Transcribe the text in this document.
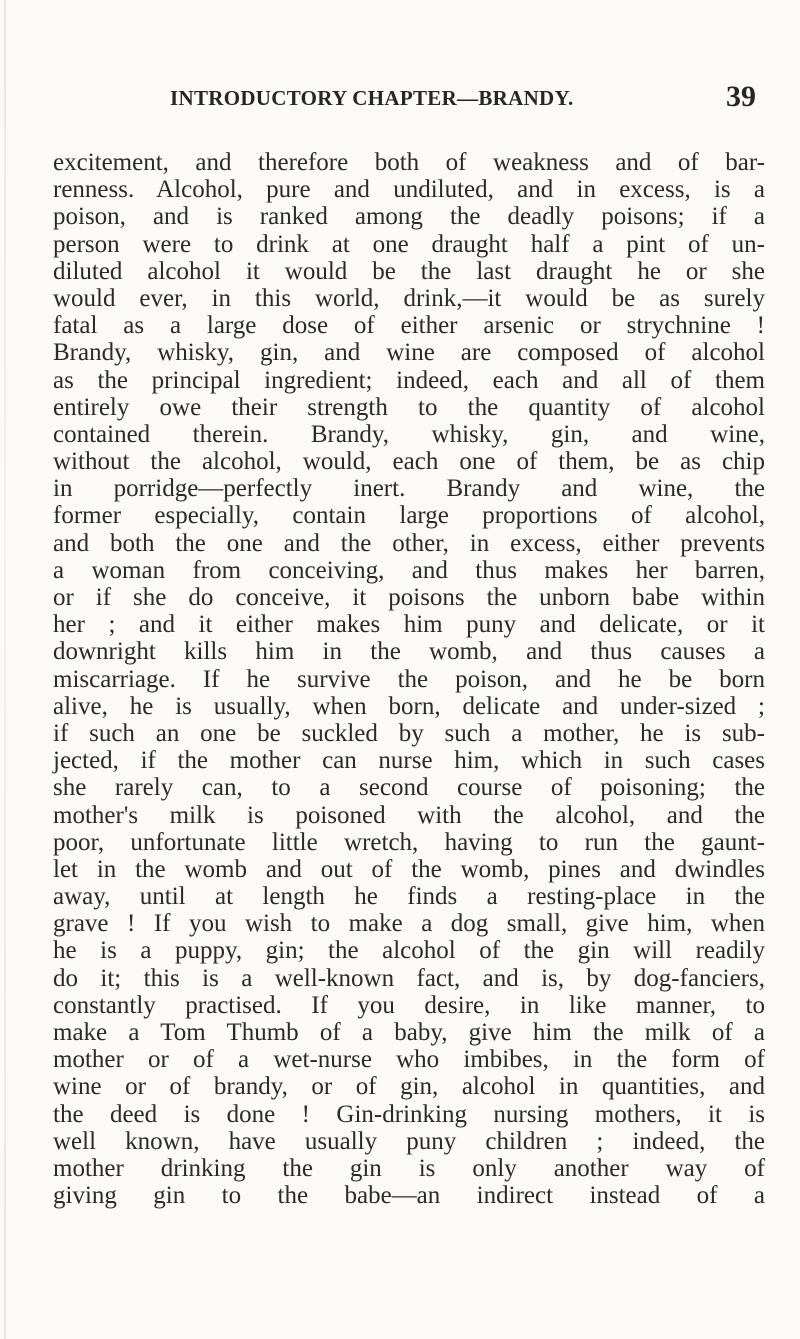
INTRODUCTORY CHAPTER—BRANDY.	39
excitement, and therefore both of weakness and of bar-
renness. Alcohol, pure and undiluted, and in excess, is a
poison, and is ranked among the deadly poisons; if a
person were to drink at one draught half a pint of un-
diluted alcohol it would be the last draught he or she
would ever, in this world, drink,—it would be as surely
fatal as a large dose of either arsenic or strychnine !
Brandy, whisky, gin, and wine are composed of alcohol
as the principal ingredient; indeed, each and all of them
entirely owe their strength to the quantity of alcohol
contained therein. Brandy, whisky, gin, and wine,
without the alcohol, would, each one of them, be as chip
in porridge—perfectly inert. Brandy and wine, the
former especially, contain large proportions of alcohol,
and both the one and the other, in excess, either prevents
a woman from conceiving, and thus makes her barren,
or if she do conceive, it poisons the unborn babe within
her ; and it either makes him puny and delicate, or it
downright kills him in the womb, and thus causes a
miscarriage. If he survive the poison, and he be born
alive, he is usually, when born, delicate and under-sized ;
if such an one be suckled by such a mother, he is sub-
jected, if the mother can nurse him, which in such cases
she rarely can, to a second course of poisoning; the
mother's milk is poisoned with the alcohol, and the
poor, unfortunate little wretch, having to run the gaunt-
let in the womb and out of the womb, pines and dwindles
away, until at length he finds a resting-place in the
grave ! If you wish to make a dog small, give him, when
he is a puppy, gin; the alcohol of the gin will readily
do it; this is a well-known fact, and is, by dog-fanciers,
constantly practised. If you desire, in like manner, to
make a Tom Thumb of a baby, give him the milk of a
mother or of a wet-nurse who imbibes, in the form of
wine or of brandy, or of gin, alcohol in quantities, and
the deed is done ! Gin-drinking nursing mothers, it is
well known, have usually puny children ; indeed, the
mother drinking the gin is only another way of
giving gin to the babe—an indirect instead of a
